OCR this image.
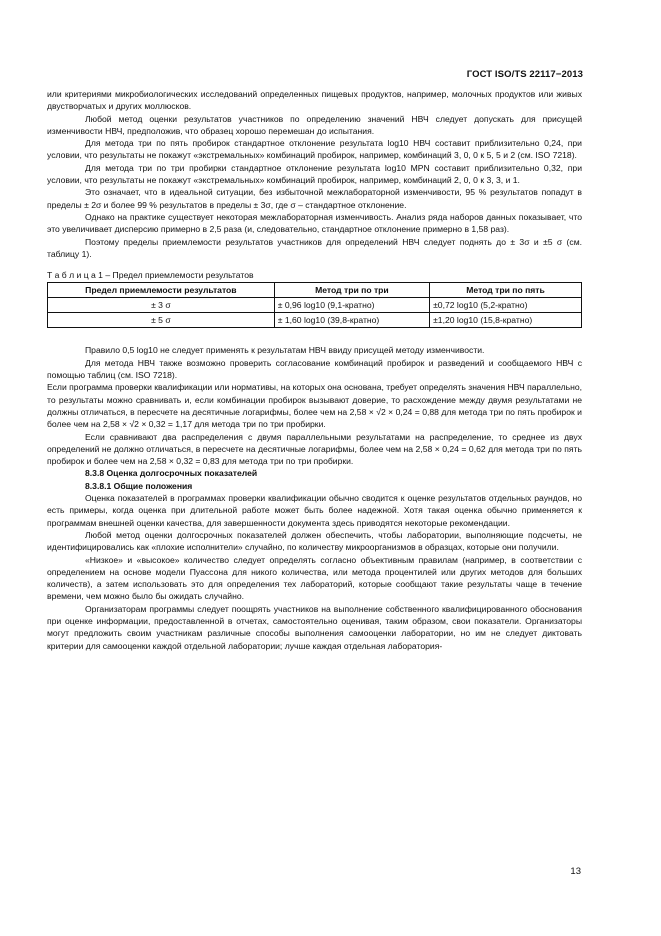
ГОСТ ISO/TS 22117−2013

или критериями микробиологических исследований определенных пищевых продуктов, например, молочных продуктов или живых двустворчатых и других моллюсков.

Любой метод оценки результатов участников по определению значений НВЧ следует допускать для присущей изменчивости НВЧ, предположив, что образец хорошо перемешан до испытания.

Для метода три по пять пробирок стандартное отклонение результата log10 НВЧ составит приблизительно 0,24, при условии, что результаты не покажут «экстремальных» комбинаций пробирок, например, комбинаций 3, 0, 0 к 5, 5 и 2 (см. ISO 7218).

Для метода три по три пробирки стандартное отклонение результата log10 MPN составит приблизительно 0,32, при условии, что результаты не покажут «экстремальных» комбинаций пробирок, например, комбинаций 2, 0, 0 к 3, 3, и 1.

Это означает, что в идеальной ситуации, без избыточной межлабораторной изменчивости, 95 % результатов попадут в пределы ± 2σ и более 99 % результатов в пределы ± 3σ, где σ – стандартное отклонение.

Однако на практике существует некоторая межлабораторная изменчивость. Анализ ряда наборов данных показывает, что это увеличивает дисперсию примерно в 2,5 раза (и, следовательно, стандартное отклонение примерно в 1,58 раз).

Поэтому пределы приемлемости результатов участников для определений НВЧ следует поднять до ± 3σ и ±5 σ (см. таблицу 1).

Т а б л и ц а 1 – Предел приемлемости результатов

Предел приемлемости результатов	Метод три по три	Метод три по пять
± 3 σ	± 0,96 log10 (9,1-кратно)	±0,72 log10 (5,2-кратно)
± 5 σ	± 1,60 log10 (39,8-кратно)	±1,20 log10 (15,8-кратно)

Правило 0,5 log10 не следует применять к результатам НВЧ ввиду присущей методу изменчивости.

Для метода НВЧ также возможно проверить согласование комбинаций пробирок и разведений и сообщаемого НВЧ с помощью таблиц (см. ISO 7218).

Если программа проверки квалификации или нормативы, на которых она основана, требует определять значения НВЧ параллельно, то результаты можно сравнивать и, если комбинации пробирок вызывают доверие, то расхождение между двумя результатами не должны отличаться, в пересчете на десятичные логарифмы, более чем на 2,58 × √2 × 0,24 = 0,88 для метода три по пять пробирок и более чем на 2,58 × √2 × 0,32 = 1,17 для метода три по три пробирки.

Если сравнивают два распределения с двумя параллельными результатами на распределение, то среднее из двух определений не должно отличаться, в пересчете на десятичные логарифмы, более чем на 2,58 × 0,24 = 0,62 для метода три по пять пробирок и более чем на 2,58 × 0,32 = 0,83 для метода три по три пробирки.

8.3.8 Оценка долгосрочных показателей

8.3.8.1 Общие положения

Оценка показателей в программах проверки квалификации обычно сводится к оценке результатов отдельных раундов, но есть примеры, когда оценка при длительной работе может быть более надежной. Хотя такая оценка обычно применяется к программам внешней оценки качества, для завершенности документа здесь приводятся некоторые рекомендации.

Любой метод оценки долгосрочных показателей должен обеспечить, чтобы лаборатории, выполняющие подсчеты, не идентифицировались как «плохие исполнители» случайно, по количеству микроорганизмов в образцах, которые они получили.

«Низкое» и «высокое» количество следует определять согласно объективным правилам (например, в соответствии с определением на основе модели Пуассона для никого количества, или метода процентилей или других методов для больших количеств), а затем использовать это для определения тех лабораторий, которые сообщают такие результаты чаще в течение времени, чем можно было бы ожидать случайно.

Организаторам программы следует поощрять участников на выполнение собственного квалифицированного обоснования при оценке информации, предоставленной в отчетах, самостоятельно оценивая, таким образом, свои показатели. Организаторы могут предложить своим участникам различные способы выполнения самооценки лаборатории, но им не следует диктовать критерии для самооценки каждой отдельной лаборатории; лучше каждая отдельная лаборатория-

13
